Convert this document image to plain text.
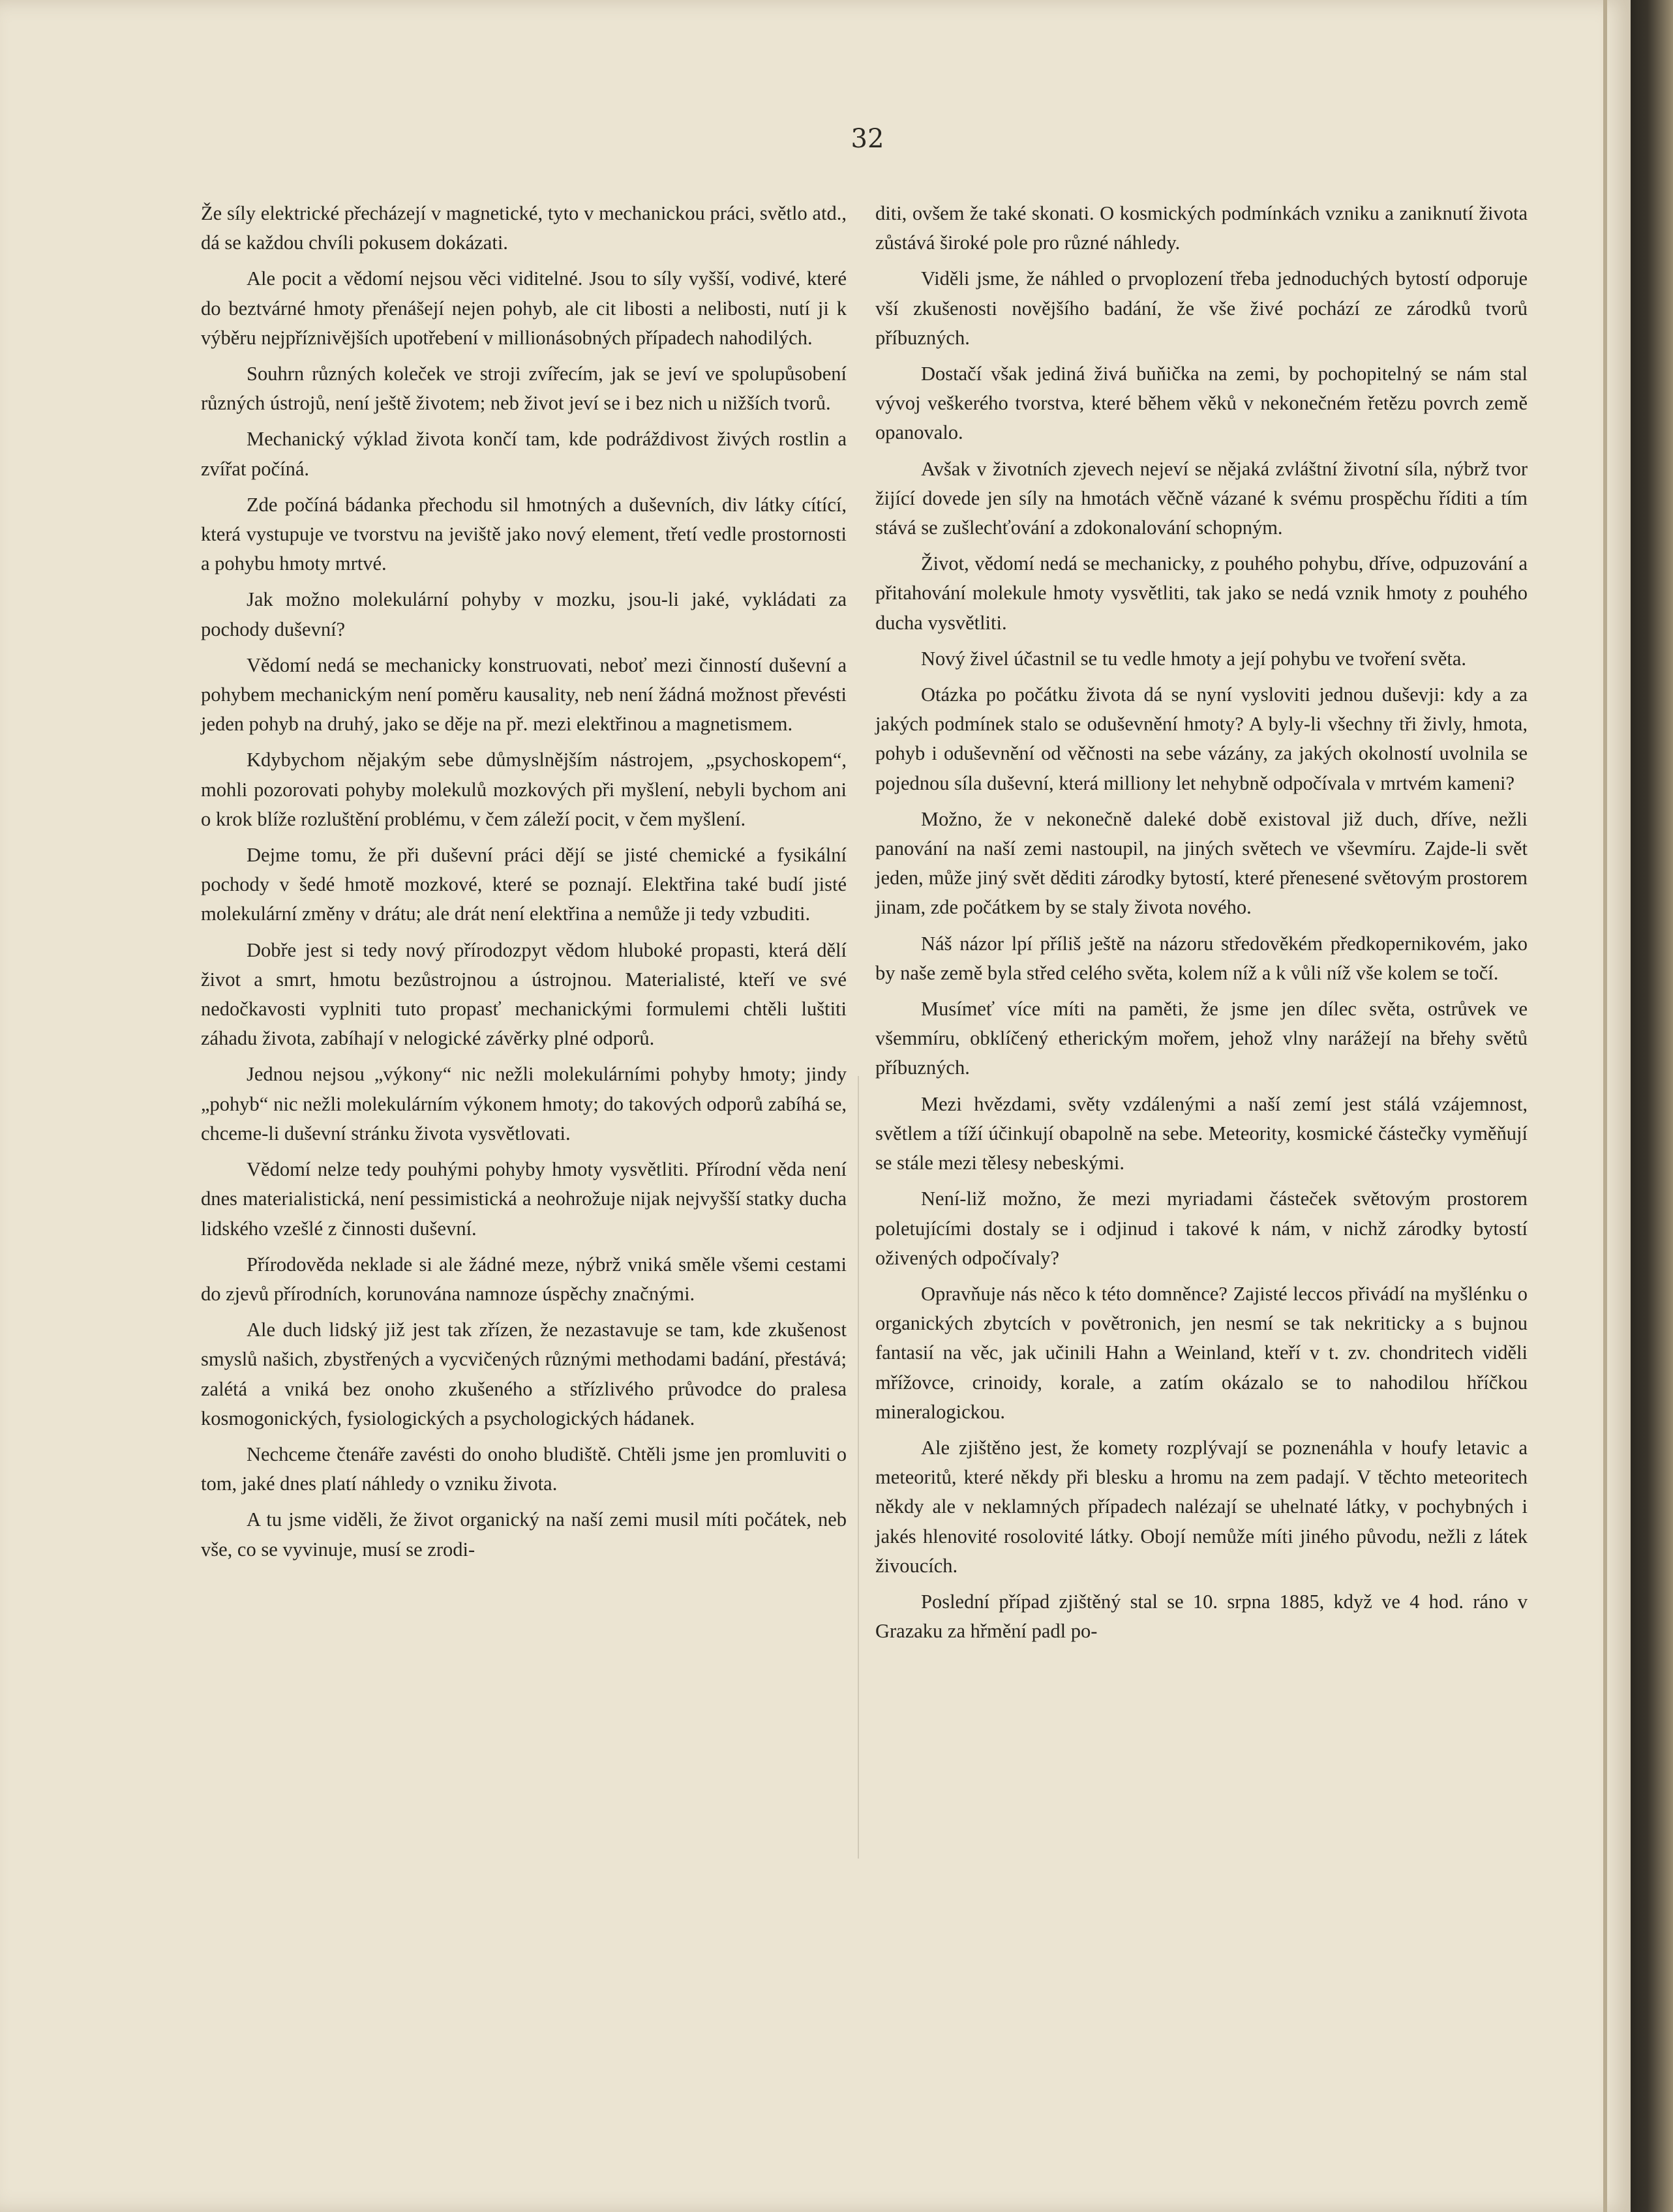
32

Že síly elektrické přecházejí v magnetické, tyto v mechanickou práci, světlo atd., dá se každou chvíli pokusem dokázati.

Ale pocit a vědomí nejsou věci viditelné. Jsou to síly vyšší, vodivé, které do beztvárné hmoty přenášejí nejen pohyb, ale cit libosti a nelibosti, nutí ji k výběru nejpříznivějších upotřebení v millionásobných případech nahodilých.

Souhrn různých koleček ve stroji zvířecím, jak se jeví ve spolupůsobení různých ústrojů, není ještě životem; neb život jeví se i bez nich u nižších tvorů.

Mechanický výklad života končí tam, kde podráždivost živých rostlin a zvířat počíná.

Zde počíná bádanka přechodu sil hmotných a duševních, div látky cítící, která vystupuje ve tvorstvu na jeviště jako nový element, třetí vedle prostornosti a pohybu hmoty mrtvé.

Jak možno molekulární pohyby v mozku, jsou-li jaké, vykládati za pochody duševní?

Vědomí nedá se mechanicky konstruovati, neboť mezi činností duševní a pohybem mechanickým není poměru kausality, neb není žádná možnost převésti jeden pohyb na druhý, jako se děje na př. mezi elektřinou a magnetismem.

Kdybychom nějakým sebe důmyslnějším nástrojem, „psychoskopem“, mohli pozorovati pohyby molekulů mozkových při myšlení, nebyli bychom ani o krok blíže rozluštění problému, v čem záleží pocit, v čem myšlení.

Dejme tomu, že při duševní práci dějí se jisté chemické a fysikální pochody v šedé hmotě mozkové, které se poznají. Elektřina také budí jisté molekulární změny v drátu; ale drát není elektřina a nemůže ji tedy vzbuditi.

Dobře jest si tedy nový přírodozpyt vědom hluboké propasti, která dělí život a smrt, hmotu bezůstrojnou a ústrojnou. Materialisté, kteří ve své nedočkavosti vyplniti tuto propasť mechanickými formulemi chtěli luštiti záhadu života, zabíhají v nelogické závěrky plné odporů.

Jednou nejsou „výkony“ nic nežli molekulárními pohyby hmoty; jindy „pohyb“ nic nežli molekulárním výkonem hmoty; do takových odporů zabíhá se, chceme-li duševní stránku života vysvětlovati.

Vědomí nelze tedy pouhými pohyby hmoty vysvětliti. Přírodní věda není dnes materialistická, není pessimistická a neohrožuje nijak nejvyšší statky ducha lidského vzešlé z činnosti duševní.

Přírodověda neklade si ale žádné meze, nýbrž vniká směle všemi cestami do zjevů přírodních, korunována namnoze úspěchy značnými.

Ale duch lidský již jest tak zřízen, že nezastavuje se tam, kde zkušenost smyslů našich, zbystřených a vycvičených různými methodami badání, přestává; zalétá a vniká bez onoho zkušeného a střízlivého průvodce do pralesa kosmogonických, fysiologických a psychologických hádanek.

Nechceme čtenáře zavésti do onoho bludiště. Chtěli jsme jen promluviti o tom, jaké dnes platí náhledy o vzniku života.

A tu jsme viděli, že život organický na naší zemi musil míti počátek, neb vše, co se vyvinuje, musí se zrodi-

diti, ovšem že také skonati. O kosmických podmínkách vzniku a zaniknutí života zůstává široké pole pro různé náhledy.

Viděli jsme, že náhled o prvoplození třeba jednoduchých bytostí odporuje vší zkušenosti novějšího badání, že vše živé pochází ze zárodků tvorů příbuzných.

Dostačí však jediná živá buňička na zemi, by pochopitelný se nám stal vývoj veškerého tvorstva, které během věků v nekonečném řetězu povrch země opanovalo.

Avšak v životních zjevech nejeví se nějaká zvláštní životní síla, nýbrž tvor žijící dovede jen síly na hmotách věčně vázané k svému prospěchu říditi a tím stává se zušlechťování a zdokonalování schopným.

Život, vědomí nedá se mechanicky, z pouhého pohybu, dříve, odpuzování a přitahování molekule hmoty vysvětliti, tak jako se nedá vznik hmoty z pouhého ducha vysvětliti.

Nový živel účastnil se tu vedle hmoty a její pohybu ve tvoření světa.

Otázka po počátku života dá se nyní vysloviti jednou duševji: kdy a za jakých podmínek stalo se oduševnění hmoty? A byly-li všechny tři živly, hmota, pohyb i oduševnění od věčnosti na sebe vázány, za jakých okolností uvolnila se pojednou síla duševní, která milliony let nehybně odpočívala v mrtvém kameni?

Možno, že v nekonečně daleké době existoval již duch, dříve, nežli panování na naší zemi nastoupil, na jiných světech ve vševmíru. Zajde-li svět jeden, může jiný svět děditi zárodky bytostí, které přenesené světovým prostorem jinam, zde počátkem by se staly života nového.

Náš názor lpí příliš ještě na názoru středověkém předkopernikovém, jako by naše země byla střed celého světa, kolem níž a k vůli níž vše kolem se točí.

Musímeť více míti na paměti, že jsme jen dílec světa, ostrůvek ve všemmíru, obklíčený etherickým mořem, jehož vlny narážejí na břehy světů příbuzných.

Mezi hvězdami, světy vzdálenými a naší zemí jest stálá vzájemnost, světlem a tíží účinkují obapolně na sebe. Meteority, kosmické částečky vyměňují se stále mezi tělesy nebeskými.

Není-liž možno, že mezi myriadami částeček světovým prostorem poletujícími dostaly se i odjinud i takové k nám, v nichž zárodky bytostí oživených odpočívaly?

Opravňuje nás něco k této domněnce? Zajisté leccos přivádí na myšlénku o organických zbytcích v povětronich, jen nesmí se tak nekriticky a s bujnou fantasií na věc, jak učinili Hahn a Weinland, kteří v t. zv. chondritech viděli mřížovce, crinoidy, korale, a zatím okázalo se to nahodilou hříčkou mineralogickou.

Ale zjištěno jest, že komety rozplývají se poznenáhla v houfy letavic a meteoritů, které někdy při blesku a hromu na zem padají. V těchto meteoritech někdy ale v neklamných případech nalézají se uhelnaté látky, v pochybných i jakés hlenovité rosolovité látky. Obojí nemůže míti jiného původu, nežli z látek živoucích.

Poslední případ zjištěný stal se 10. srpna 1885, když ve 4 hod. ráno v Grazaku za hřmění padl po-
